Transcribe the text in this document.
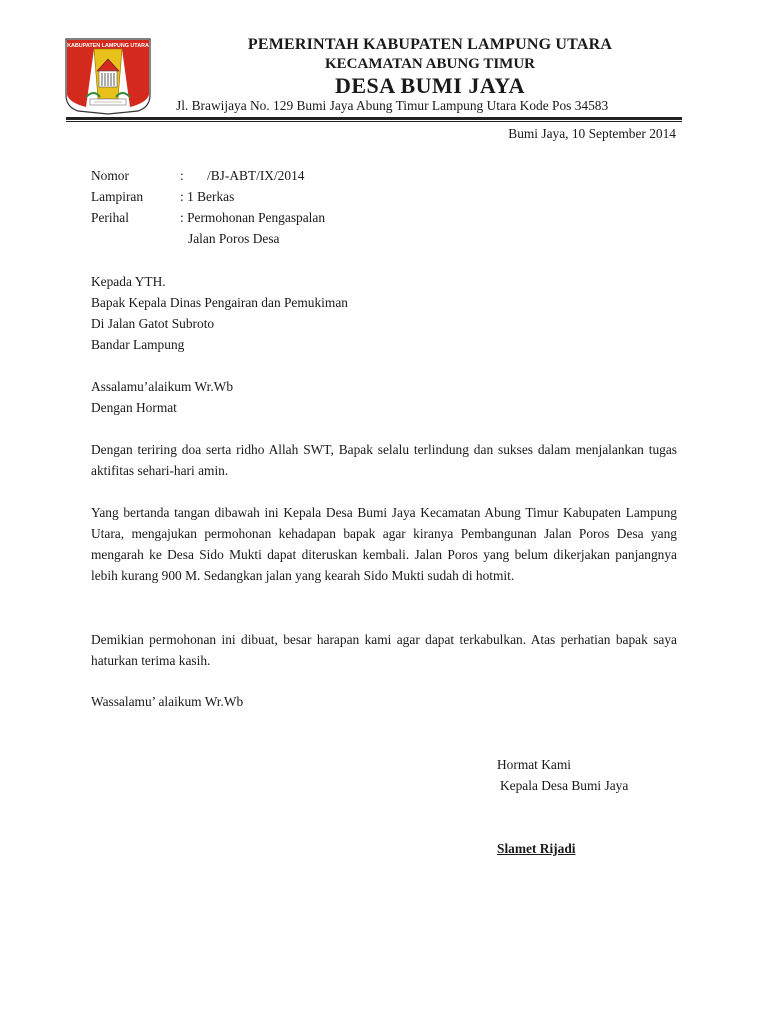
KABUPATEN LAMPUNG UTARA	PEMERINTAH KABUPATEN LAMPUNG UTARA
KECAMATAN ABUNG TIMUR
DESA BUMI JAYA
Jl. Brawijaya No. 129 Bumi Jaya Abung Timur Lampung Utara Kode Pos 34583
Bumi Jaya, 10 September 2014
Nomor	: /BJ-ABT/IX/2014
Lampiran	: 1 Berkas
Perihal	: Permohonan Pengaspalan
Jalan Poros Desa
Kepada YTH.
Bapak Kepala Dinas Pengairan dan Pemukiman
Di Jalan Gatot Subroto
Bandar Lampung
Assalamu’alaikum Wr.Wb
Dengan Hormat

Dengan teriring doa serta ridho Allah SWT, Bapak selalu terlindung dan sukses dalam menjalankan tugas aktifitas sehari-hari amin.

Yang bertanda tangan dibawah ini Kepala Desa Bumi Jaya Kecamatan Abung Timur Kabupaten Lampung Utara, mengajukan permohonan kehadapan bapak agar kiranya Pembangunan Jalan Poros Desa yang mengarah ke Desa Sido Mukti dapat diteruskan kembali. Jalan Poros yang belum dikerjakan panjangnya lebih kurang 900 M. Sedangkan jalan yang kearah Sido Mukti sudah di hotmit.

Demikian permohonan ini dibuat, besar harapan kami agar dapat terkabulkan. Atas perhatian bapak saya haturkan terima kasih.

Wassalamu’ alaikum Wr.Wb
Hormat Kami
Kepala Desa Bumi Jaya
Slamet Rijadi
